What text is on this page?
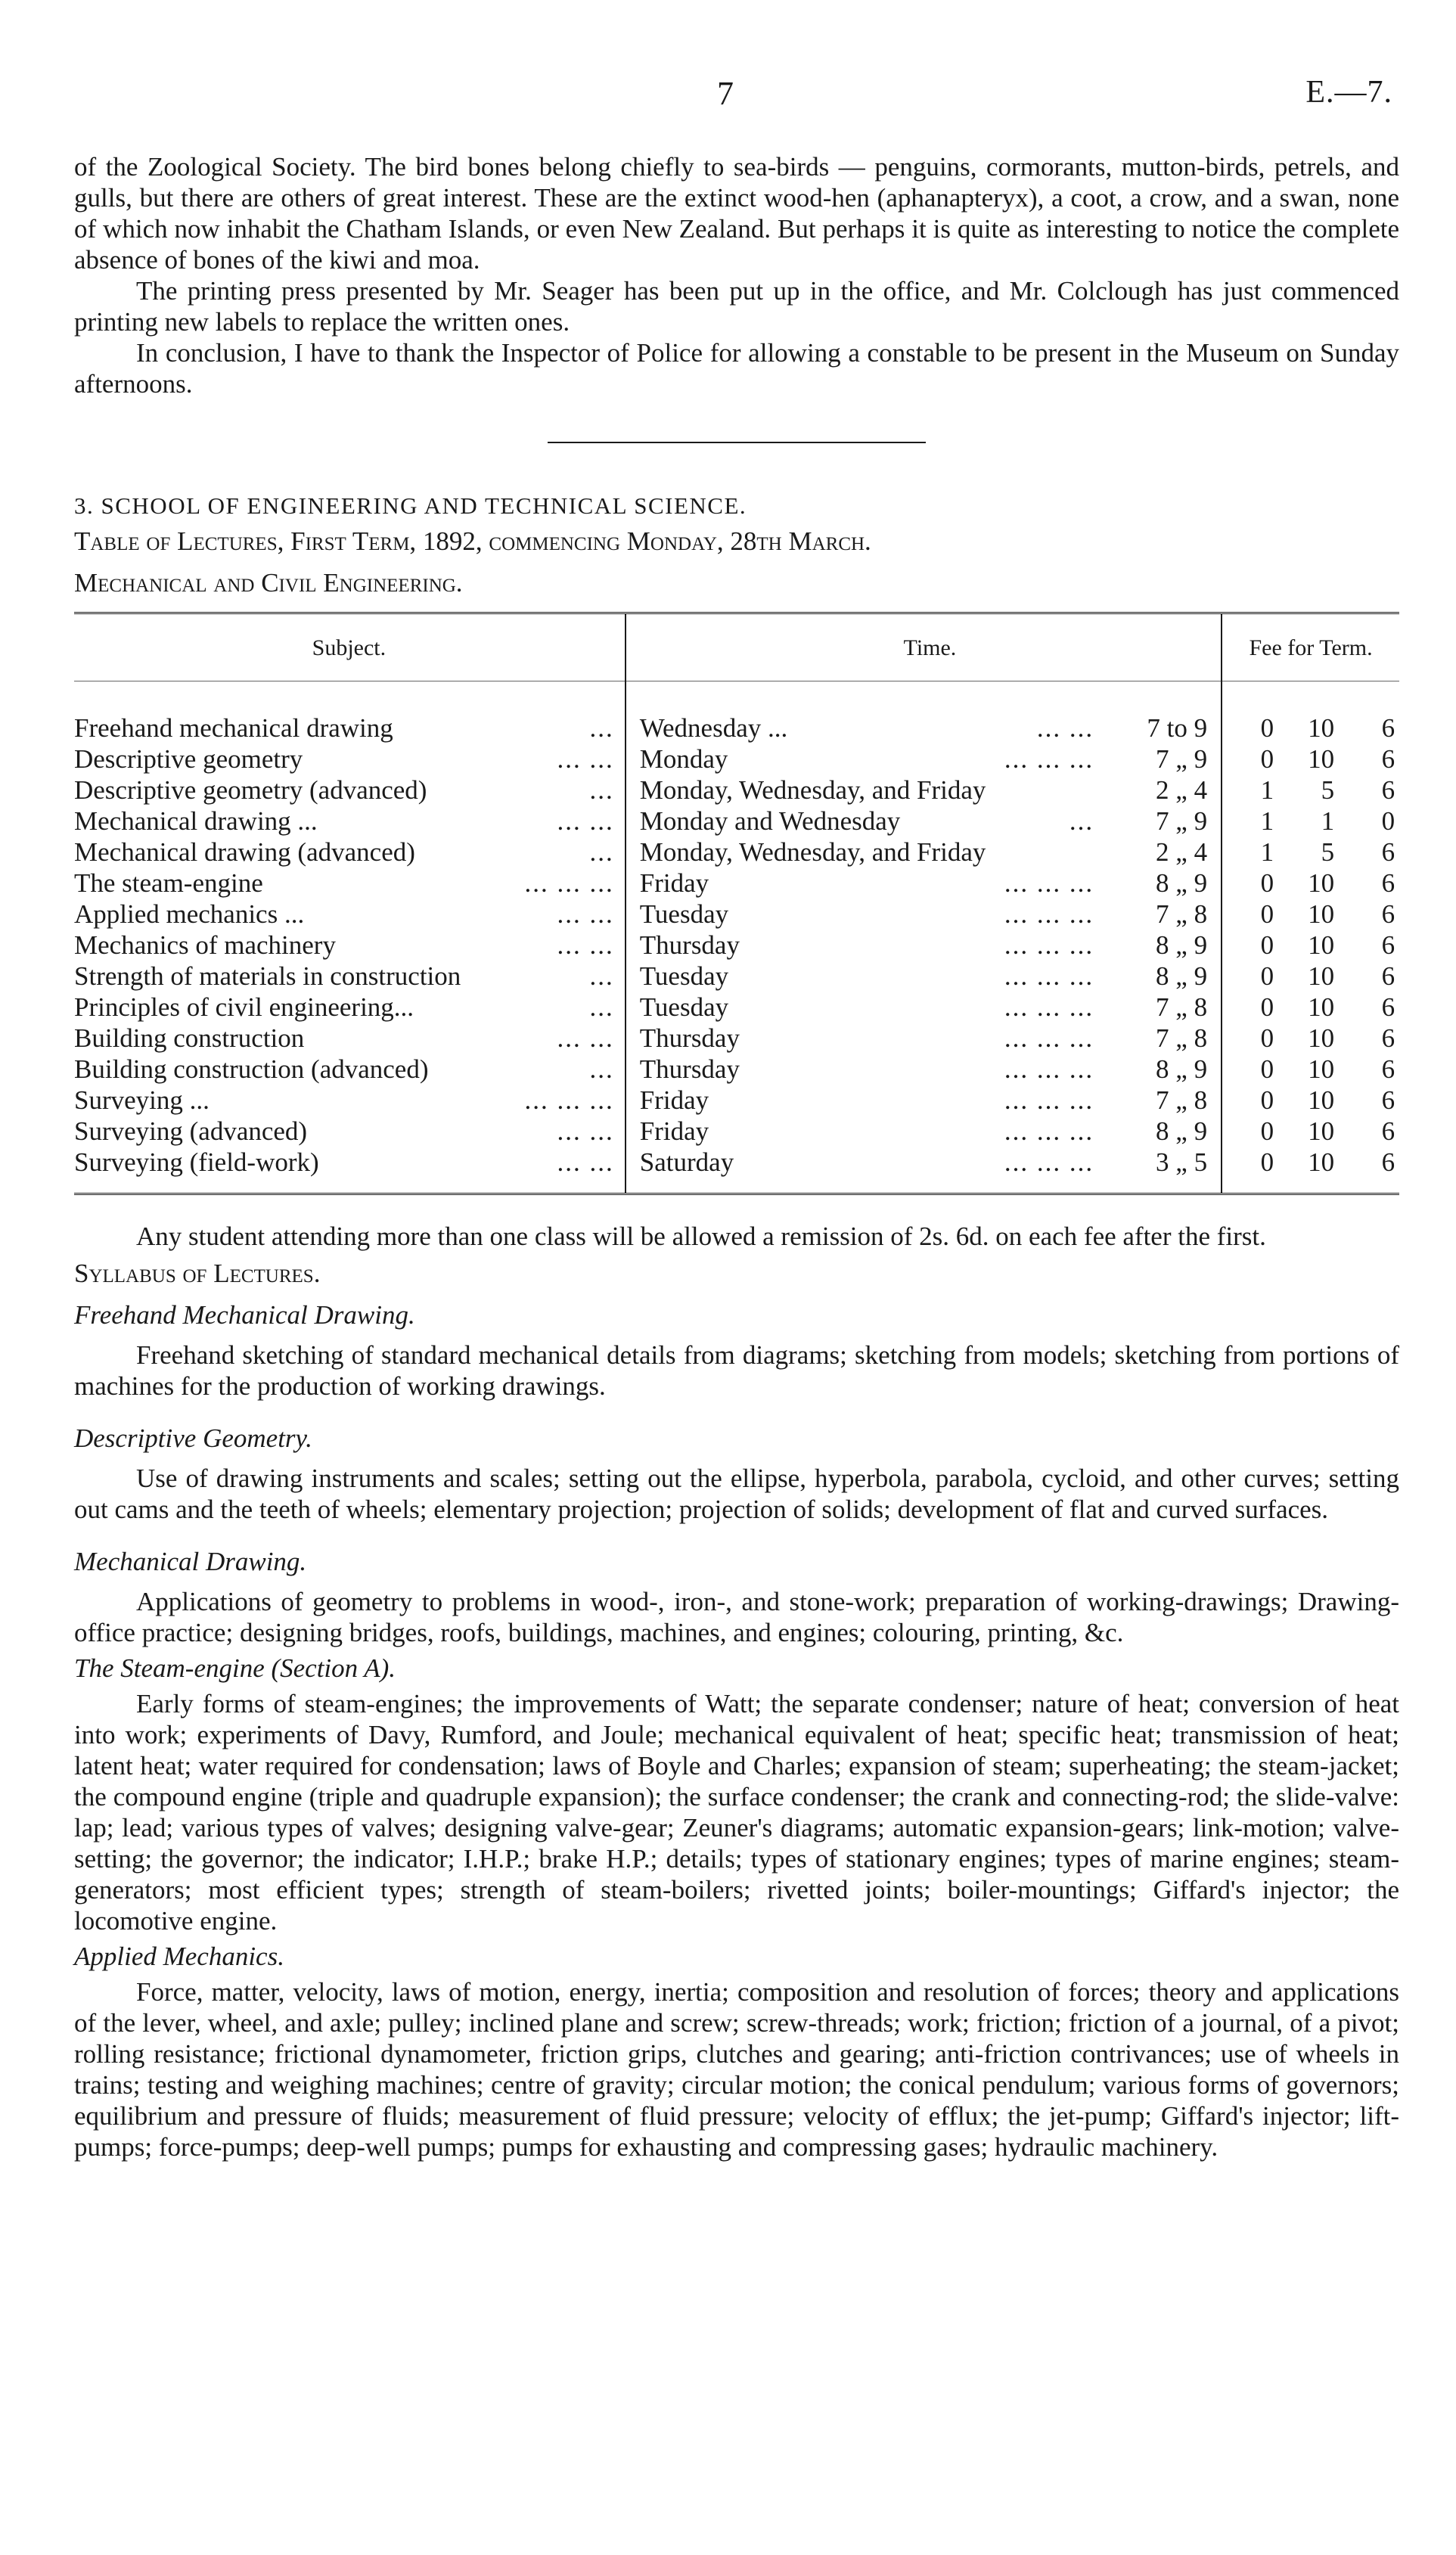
7	E.—7.

of the Zoological Society. The bird bones belong chiefly to sea-birds — penguins, cormorants, mutton-birds, petrels, and gulls, but there are others of great interest. These are the extinct wood-hen (aphanapteryx), a coot, a crow, and a swan, none of which now inhabit the Chatham Islands, or even New Zealand. But perhaps it is quite as interesting to notice the complete absence of bones of the kiwi and moa.

The printing press presented by Mr. Seager has been put up in the office, and Mr. Colclough has just commenced printing new labels to replace the written ones.

In conclusion, I have to thank the Inspector of Police for allowing a constable to be present in the Museum on Sunday afternoons.

3. SCHOOL OF ENGINEERING AND TECHNICAL SCIENCE.

Table of Lectures, First Term, 1892, commencing Monday, 28th March.

Mechanical and Civil Engineering.

Subject.	Time.	Fee for Term.

Freehand mechanical drawing ...	Wednesday ... ... ... 7 to 9	0 10 6

Descriptive geometry ... ...	Monday ... ... ... 7 „ 9	0 10 6

Descriptive geometry (advanced) ...	Monday, Wednesday, and Friday 2 „ 4	1 5 6

Mechanical drawing ... ... ...	Monday and Wednesday ... 7 „ 9	1 1 0

Mechanical drawing (advanced) ...	Monday, Wednesday, and Friday 2 „ 4	1 5 6

The steam-engine ... ... ...	Friday ... ... ... 8 „ 9	0 10 6

Applied mechanics ... ... ...	Tuesday ... ... ... 7 „ 8	0 10 6

Mechanics of machinery ... ...	Thursday ... ... ... 8 „ 9	0 10 6

Strength of materials in construction ...	Tuesday ... ... ... 8 „ 9	0 10 6

Principles of civil engineering... ...	Tuesday ... ... ... 7 „ 8	0 10 6

Building construction ... ...	Thursday ... ... ... 7 „ 8	0 10 6

Building construction (advanced) ...	Thursday ... ... ... 8 „ 9	0 10 6

Surveying ... ... ... ...	Friday ... ... ... 7 „ 8	0 10 6

Surveying (advanced) ... ...	Friday ... ... ... 8 „ 9	0 10 6

Surveying (field-work) ... ...	Saturday ... ... ... 3 „ 5	0 10 6

Any student attending more than one class will be allowed a remission of 2s. 6d. on each fee after the first.

Syllabus of Lectures.

Freehand Mechanical Drawing.

Freehand sketching of standard mechanical details from diagrams; sketching from models; sketching from portions of machines for the production of working drawings.

Descriptive Geometry.

Use of drawing instruments and scales; setting out the ellipse, hyperbola, parabola, cycloid, and other curves; setting out cams and the teeth of wheels; elementary projection; projection of solids; development of flat and curved surfaces.

Mechanical Drawing.

Applications of geometry to problems in wood-, iron-, and stone-work; preparation of working-drawings; Drawing-office practice; designing bridges, roofs, buildings, machines, and engines; colouring, printing, &c.

The Steam-engine (Section A).

Early forms of steam-engines; the improvements of Watt; the separate condenser; nature of heat; conversion of heat into work; experiments of Davy, Rumford, and Joule; mechanical equivalent of heat; specific heat; transmission of heat; latent heat; water required for condensation; laws of Boyle and Charles; expansion of steam; superheating; the steam-jacket; the compound engine (triple and quadruple expansion); the surface condenser; the crank and connecting-rod; the slide-valve: lap; lead; various types of valves; designing valve-gear; Zeuner's diagrams; automatic expansion-gears; link-motion; valve-setting; the governor; the indicator; I.H.P.; brake H.P.; details; types of stationary engines; types of marine engines; steam-generators; most efficient types; strength of steam-boilers; rivetted joints; boiler-mountings; Giffard's injector; the locomotive engine.

Applied Mechanics.

Force, matter, velocity, laws of motion, energy, inertia; composition and resolution of forces; theory and applications of the lever, wheel, and axle; pulley; inclined plane and screw; screw-threads; work; friction; friction of a journal, of a pivot; rolling resistance; frictional dynamometer, friction grips, clutches and gearing; anti-friction contrivances; use of wheels in trains; testing and weighing machines; centre of gravity; circular motion; the conical pendulum; various forms of governors; equilibrium and pressure of fluids; measurement of fluid pressure; velocity of efflux; the jet-pump; Giffard's injector; lift-pumps; force-pumps; deep-well pumps; pumps for exhausting and compressing gases; hydraulic machinery.
